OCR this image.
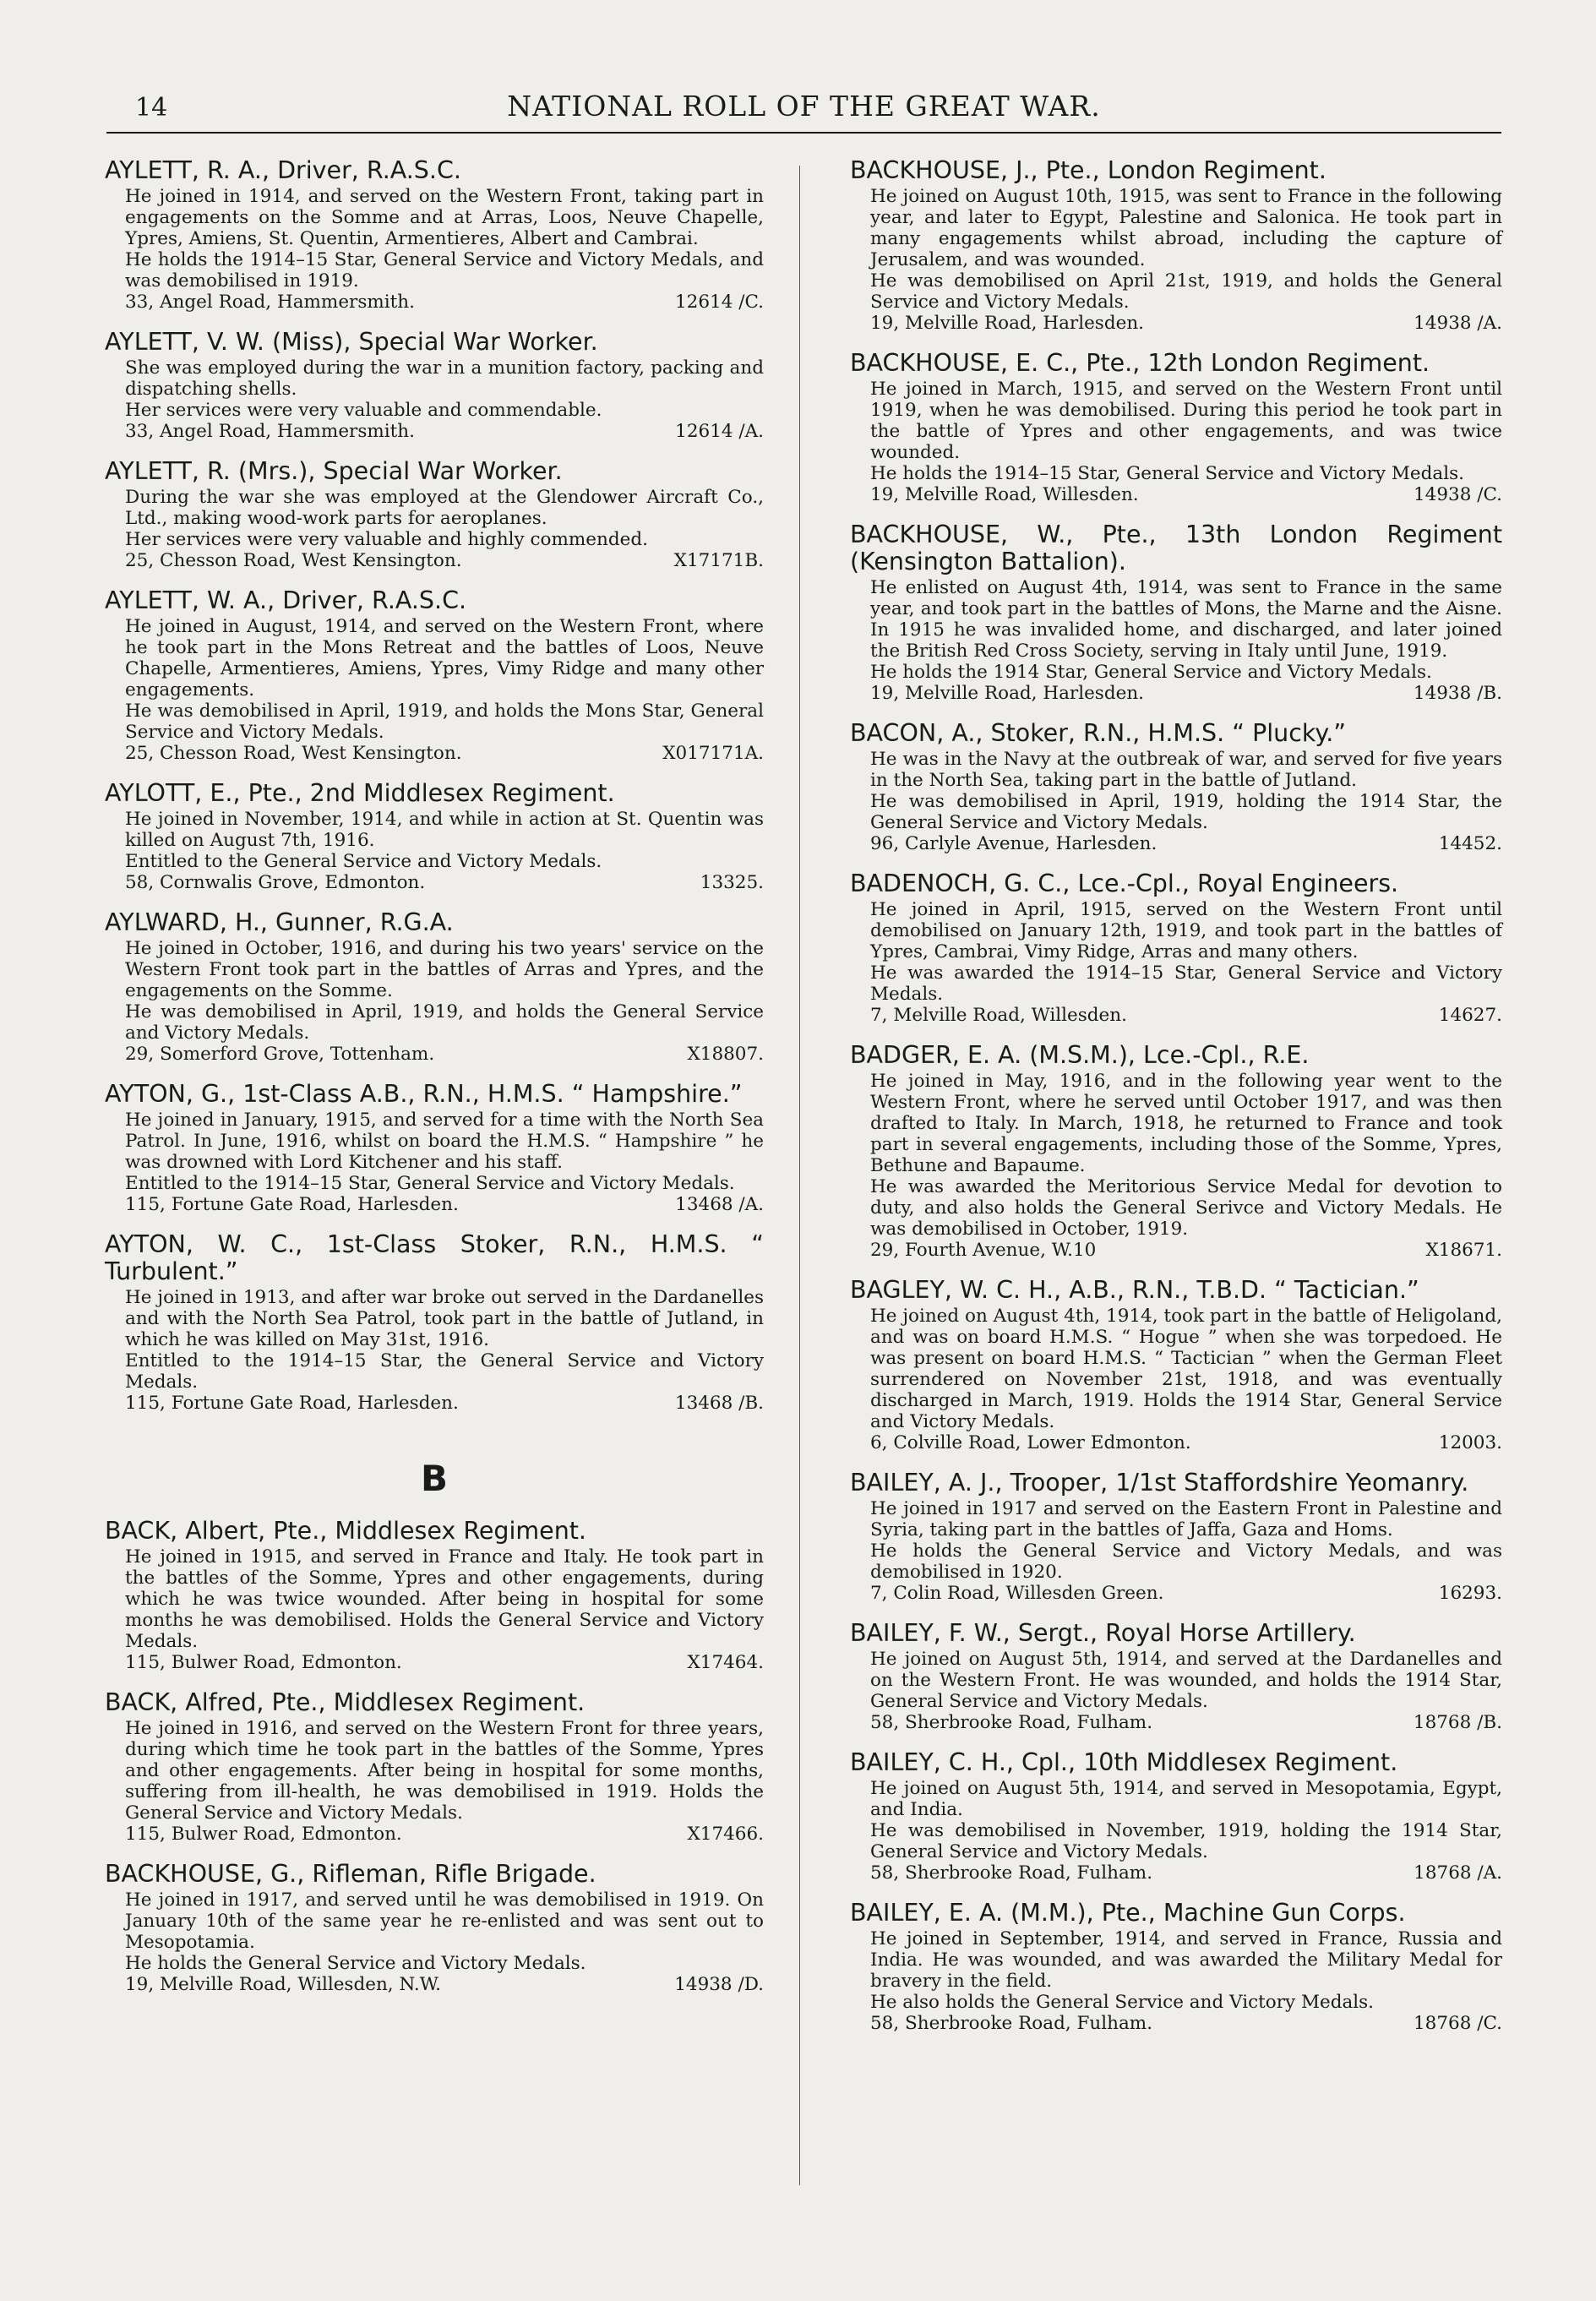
14	NATIONAL ROLL OF THE GREAT WAR.
AYLETT, R. A., Driver, R.A.S.C.
He joined in 1914, and served on the Western Front, taking part in engagements on the Somme and at Arras, Loos, Neuve Chapelle, Ypres, Amiens, St. Quentin, Armentieres, Albert and Cambrai.
He holds the 1914–15 Star, General Service and Victory Medals, and was demobilised in 1919.
33, Angel Road, Hammersmith.	12614 /C.
AYLETT, V. W. (Miss), Special War Worker.
She was employed during the war in a munition factory, packing and dispatching shells.
Her services were very valuable and commendable.
33, Angel Road, Hammersmith.	12614 /A.
AYLETT, R. (Mrs.), Special War Worker.
During the war she was employed at the Glendower Aircraft Co., Ltd., making wood-work parts for aeroplanes.
Her services were very valuable and highly commended.
25, Chesson Road, West Kensington.	X17171B.
AYLETT, W. A., Driver, R.A.S.C.
He joined in August, 1914, and served on the Western Front, where he took part in the Mons Retreat and the battles of Loos, Neuve Chapelle, Armentieres, Amiens, Ypres, Vimy Ridge and many other engagements.
He was demobilised in April, 1919, and holds the Mons Star, General Service and Victory Medals.
25, Chesson Road, West Kensington.	X017171A.
AYLOTT, E., Pte., 2nd Middlesex Regiment.
He joined in November, 1914, and while in action at St. Quentin was killed on August 7th, 1916.
Entitled to the General Service and Victory Medals.
58, Cornwalis Grove, Edmonton.	13325.
AYLWARD, H., Gunner, R.G.A.
He joined in October, 1916, and during his two years' service on the Western Front took part in the battles of Arras and Ypres, and the engagements on the Somme.
He was demobilised in April, 1919, and holds the General Service and Victory Medals.
29, Somerford Grove, Tottenham.	X18807.
AYTON, G., 1st-Class A.B., R.N., H.M.S. “ Hampshire.”
He joined in January, 1915, and served for a time with the North Sea Patrol. In June, 1916, whilst on board the H.M.S. “ Hampshire ” he was drowned with Lord Kitchener and his staff.
Entitled to the 1914–15 Star, General Service and Victory Medals.
115, Fortune Gate Road, Harlesden.	13468 /A.
AYTON, W. C., 1st-Class Stoker, R.N., H.M.S. “ Turbulent.”
He joined in 1913, and after war broke out served in the Dardanelles and with the North Sea Patrol, took part in the battle of Jutland, in which he was killed on May 31st, 1916.
Entitled to the 1914–15 Star, the General Service and Victory Medals.
115, Fortune Gate Road, Harlesden.	13468 /B.
B
BACK, Albert, Pte., Middlesex Regiment.
He joined in 1915, and served in France and Italy. He took part in the battles of the Somme, Ypres and other engagements, during which he was twice wounded. After being in hospital for some months he was demobilised. Holds the General Service and Victory Medals.
115, Bulwer Road, Edmonton.	X17464.
BACK, Alfred, Pte., Middlesex Regiment.
He joined in 1916, and served on the Western Front for three years, during which time he took part in the battles of the Somme, Ypres and other engagements. After being in hospital for some months, suffering from ill-health, he was demobilised in 1919. Holds the General Service and Victory Medals.
115, Bulwer Road, Edmonton.	X17466.
BACKHOUSE, G., Rifleman, Rifle Brigade.
He joined in 1917, and served until he was demobilised in 1919. On January 10th of the same year he re-enlisted and was sent out to Mesopotamia.
He holds the General Service and Victory Medals.
19, Melville Road, Willesden, N.W.	14938 /D.
BACKHOUSE, J., Pte., London Regiment.
He joined on August 10th, 1915, was sent to France in the following year, and later to Egypt, Palestine and Salonica. He took part in many engagements whilst abroad, including the capture of Jerusalem, and was wounded.
He was demobilised on April 21st, 1919, and holds the General Service and Victory Medals.
19, Melville Road, Harlesden.	14938 /A.
BACKHOUSE, E. C., Pte., 12th London Regiment.
He joined in March, 1915, and served on the Western Front until 1919, when he was demobilised. During this period he took part in the battle of Ypres and other engagements, and was twice wounded.
He holds the 1914–15 Star, General Service and Victory Medals.
19, Melville Road, Willesden.	14938 /C.
BACKHOUSE, W., Pte., 13th London Regiment (Kensington Battalion).
He enlisted on August 4th, 1914, was sent to France in the same year, and took part in the battles of Mons, the Marne and the Aisne. In 1915 he was invalided home, and discharged, and later joined the British Red Cross Society, serving in Italy until June, 1919.
He holds the 1914 Star, General Service and Victory Medals.
19, Melville Road, Harlesden.	14938 /B.
BACON, A., Stoker, R.N., H.M.S. “ Plucky.”
He was in the Navy at the outbreak of war, and served for five years in the North Sea, taking part in the battle of Jutland.
He was demobilised in April, 1919, holding the 1914 Star, the General Service and Victory Medals.
96, Carlyle Avenue, Harlesden.	14452.
BADENOCH, G. C., Lce.-Cpl., Royal Engineers.
He joined in April, 1915, served on the Western Front until demobilised on January 12th, 1919, and took part in the battles of Ypres, Cambrai, Vimy Ridge, Arras and many others.
He was awarded the 1914–15 Star, General Service and Victory Medals.
7, Melville Road, Willesden.	14627.
BADGER, E. A. (M.S.M.), Lce.-Cpl., R.E.
He joined in May, 1916, and in the following year went to the Western Front, where he served until October 1917, and was then drafted to Italy. In March, 1918, he returned to France and took part in several engagements, including those of the Somme, Ypres, Bethune and Bapaume.
He was awarded the Meritorious Service Medal for devotion to duty, and also holds the General Serivce and Victory Medals. He was demobilised in October, 1919.
29, Fourth Avenue, W.10	X18671.
BAGLEY, W. C. H., A.B., R.N., T.B.D. “ Tactician.”
He joined on August 4th, 1914, took part in the battle of Heligoland, and was on board H.M.S. “ Hogue ” when she was torpedoed. He was present on board H.M.S. “ Tactician ” when the German Fleet surrendered on November 21st, 1918, and was eventually discharged in March, 1919. Holds the 1914 Star, General Service and Victory Medals.
6, Colville Road, Lower Edmonton.	12003.
BAILEY, A. J., Trooper, 1/1st Staffordshire Yeomanry.
He joined in 1917 and served on the Eastern Front in Palestine and Syria, taking part in the battles of Jaffa, Gaza and Homs.
He holds the General Service and Victory Medals, and was demobilised in 1920.
7, Colin Road, Willesden Green.	16293.
BAILEY, F. W., Sergt., Royal Horse Artillery.
He joined on August 5th, 1914, and served at the Dardanelles and on the Western Front. He was wounded, and holds the 1914 Star, General Service and Victory Medals.
58, Sherbrooke Road, Fulham.	18768 /B.
BAILEY, C. H., Cpl., 10th Middlesex Regiment.
He joined on August 5th, 1914, and served in Mesopotamia, Egypt, and India.
He was demobilised in November, 1919, holding the 1914 Star, General Service and Victory Medals.
58, Sherbrooke Road, Fulham.	18768 /A.
BAILEY, E. A. (M.M.), Pte., Machine Gun Corps.
He joined in September, 1914, and served in France, Russia and India. He was wounded, and was awarded the Military Medal for bravery in the field.
He also holds the General Service and Victory Medals.
58, Sherbrooke Road, Fulham.	18768 /C.
